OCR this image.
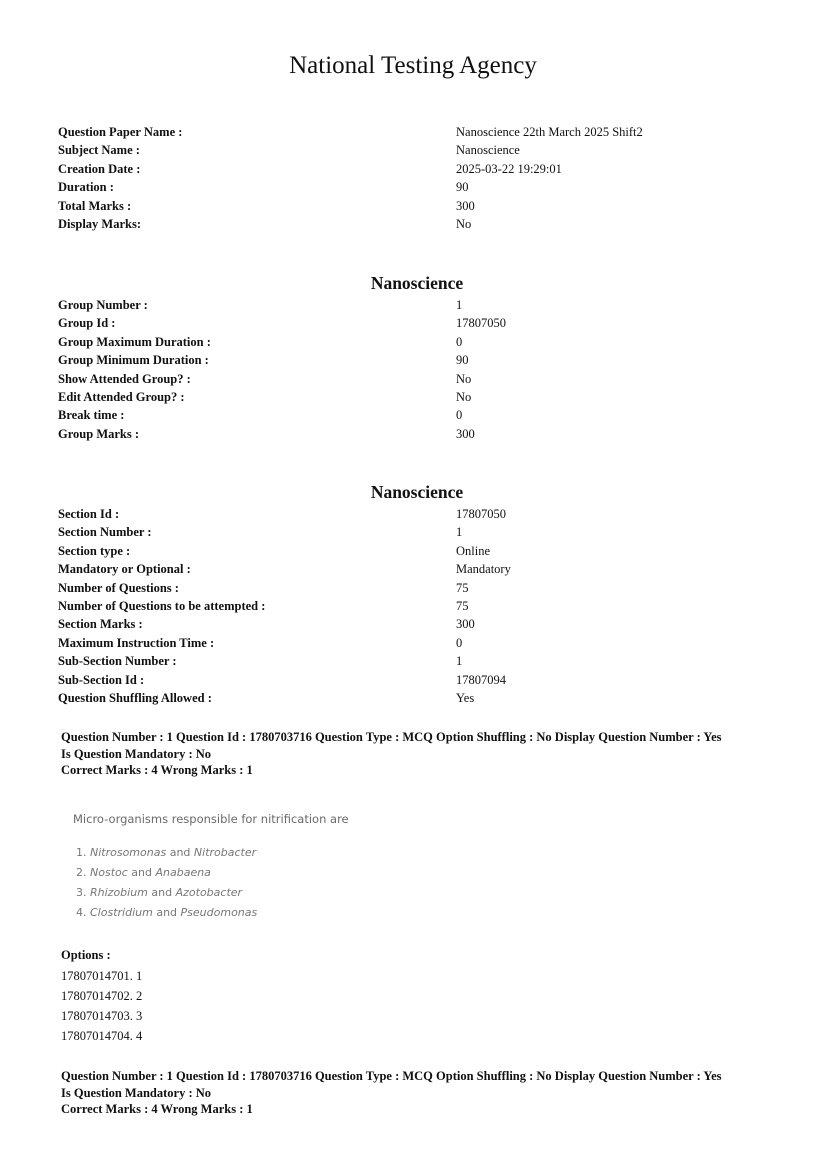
National Testing Agency
Question Paper Name :	Nanoscience 22th March 2025 Shift2
Subject Name :	Nanoscience
Creation Date :	2025-03-22 19:29:01
Duration :	90
Total Marks :	300
Display Marks:	No
Nanoscience
Group Number :	1
Group Id :	17807050
Group Maximum Duration :	0
Group Minimum Duration :	90
Show Attended Group? :	No
Edit Attended Group? :	No
Break time :	0
Group Marks :	300
Nanoscience
Section Id :	17807050
Section Number :	1
Section type :	Online
Mandatory or Optional :	Mandatory
Number of Questions :	75
Number of Questions to be attempted :	75
Section Marks :	300
Maximum Instruction Time :	0
Sub-Section Number :	1
Sub-Section Id :	17807094
Question Shuffling Allowed :	Yes
Question Number : 1 Question Id : 1780703716 Question Type : MCQ Option Shuffling : No Display Question Number : Yes
Is Question Mandatory : No
Correct Marks : 4 Wrong Marks : 1
Micro-organisms responsible for nitrification are
1. Nitrosomonas and Nitrobacter
2. Nostoc and Anabaena
3. Rhizobium and Azotobacter
4. Clostridium and Pseudomonas
Options :
17807014701. 1
17807014702. 2
17807014703. 3
17807014704. 4
Question Number : 1 Question Id : 1780703716 Question Type : MCQ Option Shuffling : No Display Question Number : Yes
Is Question Mandatory : No
Correct Marks : 4 Wrong Marks : 1
